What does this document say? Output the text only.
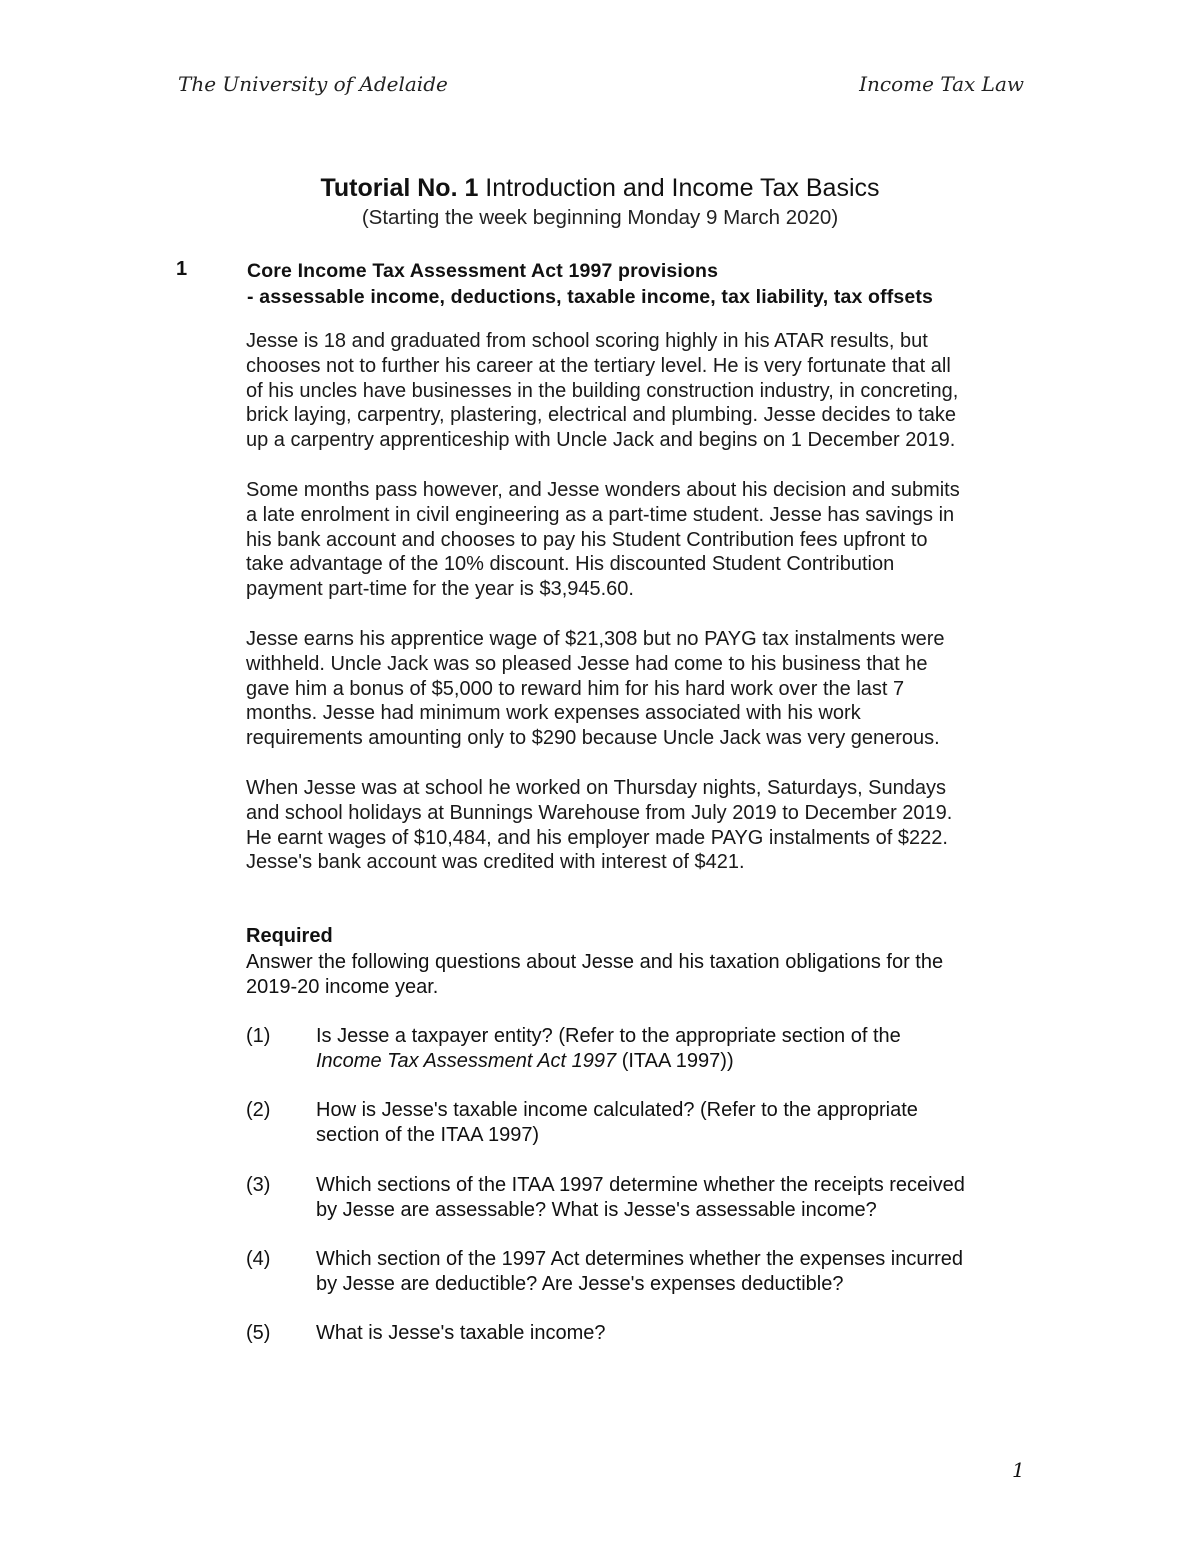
The University of Adelaide	Income Tax Law
Tutorial No. 1 Introduction and Income Tax Basics
(Starting the week beginning Monday 9 March 2020)
1	Core Income Tax Assessment Act 1997 provisions
- assessable income, deductions, taxable income, tax liability, tax offsets
Jesse is 18 and graduated from school scoring highly in his ATAR results, but
chooses not to further his career at the tertiary level. He is very fortunate that all
of his uncles have businesses in the building construction industry, in concreting,
brick laying, carpentry, plastering, electrical and plumbing. Jesse decides to take
up a carpentry apprenticeship with Uncle Jack and begins on 1 December 2019.
Some months pass however, and Jesse wonders about his decision and submits
a late enrolment in civil engineering as a part-time student. Jesse has savings in
his bank account and chooses to pay his Student Contribution fees upfront to
take advantage of the 10% discount. His discounted Student Contribution
payment part-time for the year is $3,945.60.
Jesse earns his apprentice wage of $21,308 but no PAYG tax instalments were
withheld. Uncle Jack was so pleased Jesse had come to his business that he
gave him a bonus of $5,000 to reward him for his hard work over the last 7
months. Jesse had minimum work expenses associated with his work
requirements amounting only to $290 because Uncle Jack was very generous.
When Jesse was at school he worked on Thursday nights, Saturdays, Sundays
and school holidays at Bunnings Warehouse from July 2019 to December 2019.
He earnt wages of $10,484, and his employer made PAYG instalments of $222.
Jesse's bank account was credited with interest of $421.
Required
Answer the following questions about Jesse and his taxation obligations for the
2019-20 income year.
(1) Is Jesse a taxpayer entity? (Refer to the appropriate section of the
Income Tax Assessment Act 1997 (ITAA 1997))
(2) How is Jesse's taxable income calculated? (Refer to the appropriate
section of the ITAA 1997)
(3) Which sections of the ITAA 1997 determine whether the receipts received
by Jesse are assessable? What is Jesse's assessable income?
(4) Which section of the 1997 Act determines whether the expenses incurred
by Jesse are deductible? Are Jesse's expenses deductible?
(5) What is Jesse's taxable income?
1
